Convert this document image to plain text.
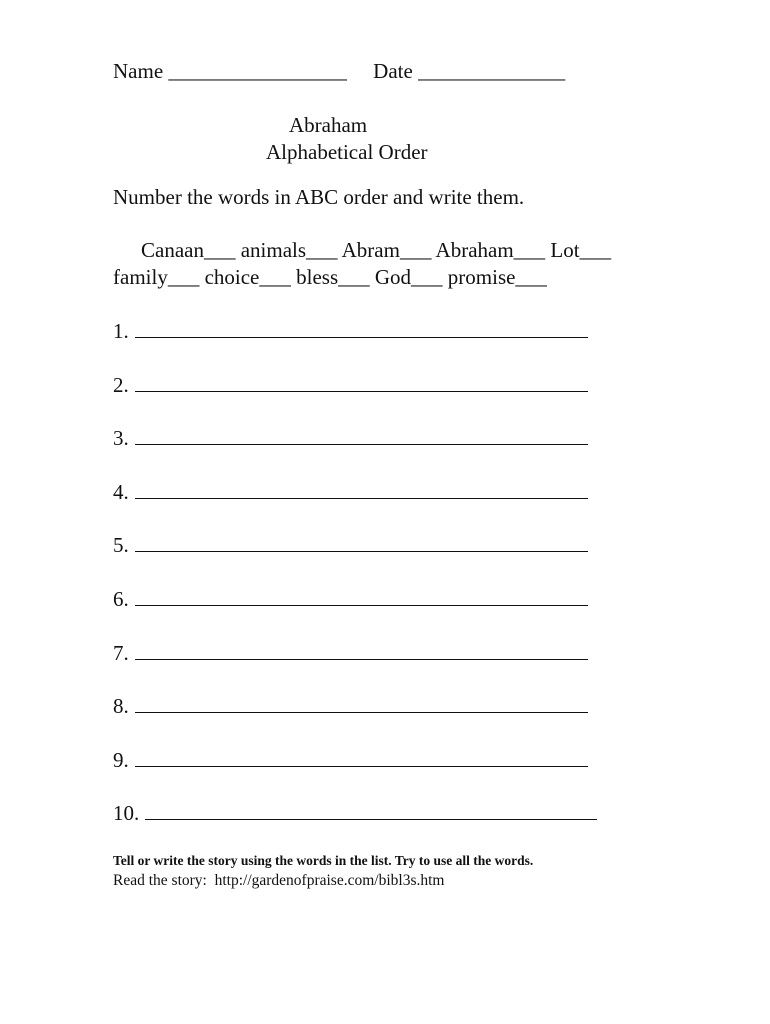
Name _________________ Date ______________
Abraham
Alphabetical Order
Number the words in ABC order and write them.
Canaan___ animals___ Abram___ Abraham___ Lot___
family___ choice___ bless___ God___ promise___
1.
2.
3.
4.
5.
6.
7.
8.
9.
10.
Tell or write the story using the words in the list. Try to use all the words.
Read the story:  http://gardenofpraise.com/bibl3s.htm
